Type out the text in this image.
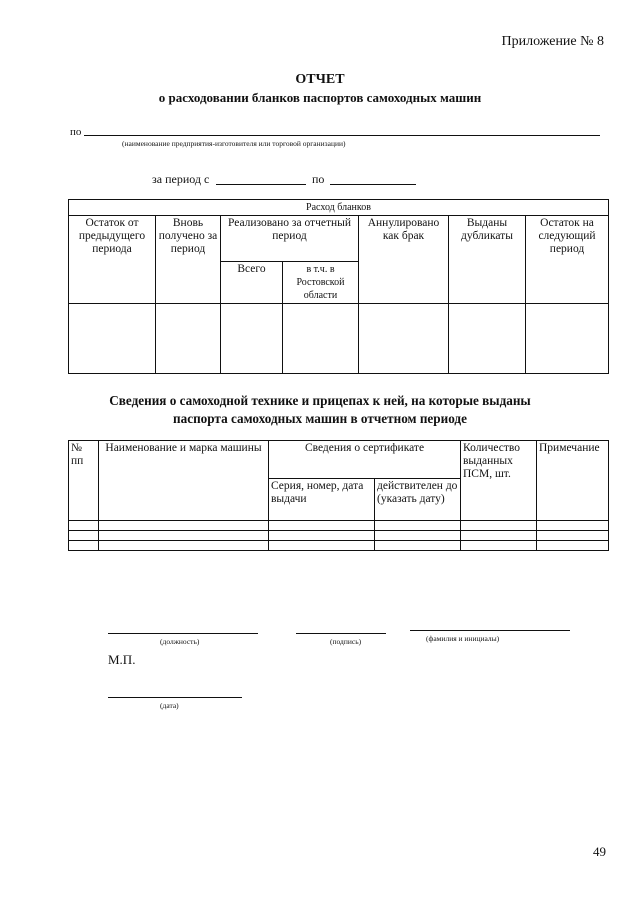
Приложение № 8
ОТЧЕТ
о расходовании бланков паспортов самоходных машин
по
(наименование предприятия-изготовителя или торговой организации)
за период с	по
Расход бланков						
Остаток от предыдущего периода	Вновь получено за период	Реализовано за отчетный период		Аннулировано как брак	Выданы дубликаты	Остаток на следующий период
		Всего	в т.ч. в Ростовской области			

Сведения о самоходной технике и прицепах к ней, на которые выданы
паспорта самоходных машин в отчетном периоде
№ пп	Наименование и марка машины	Сведения о сертификате		Количество выданных ПСМ, шт.	Примечание
		Серия, номер, дата выдачи	действителен до (указать дату)		

(должность)	(подпись)	(фамилия и инициалы)
М.П.
(дата)
49
